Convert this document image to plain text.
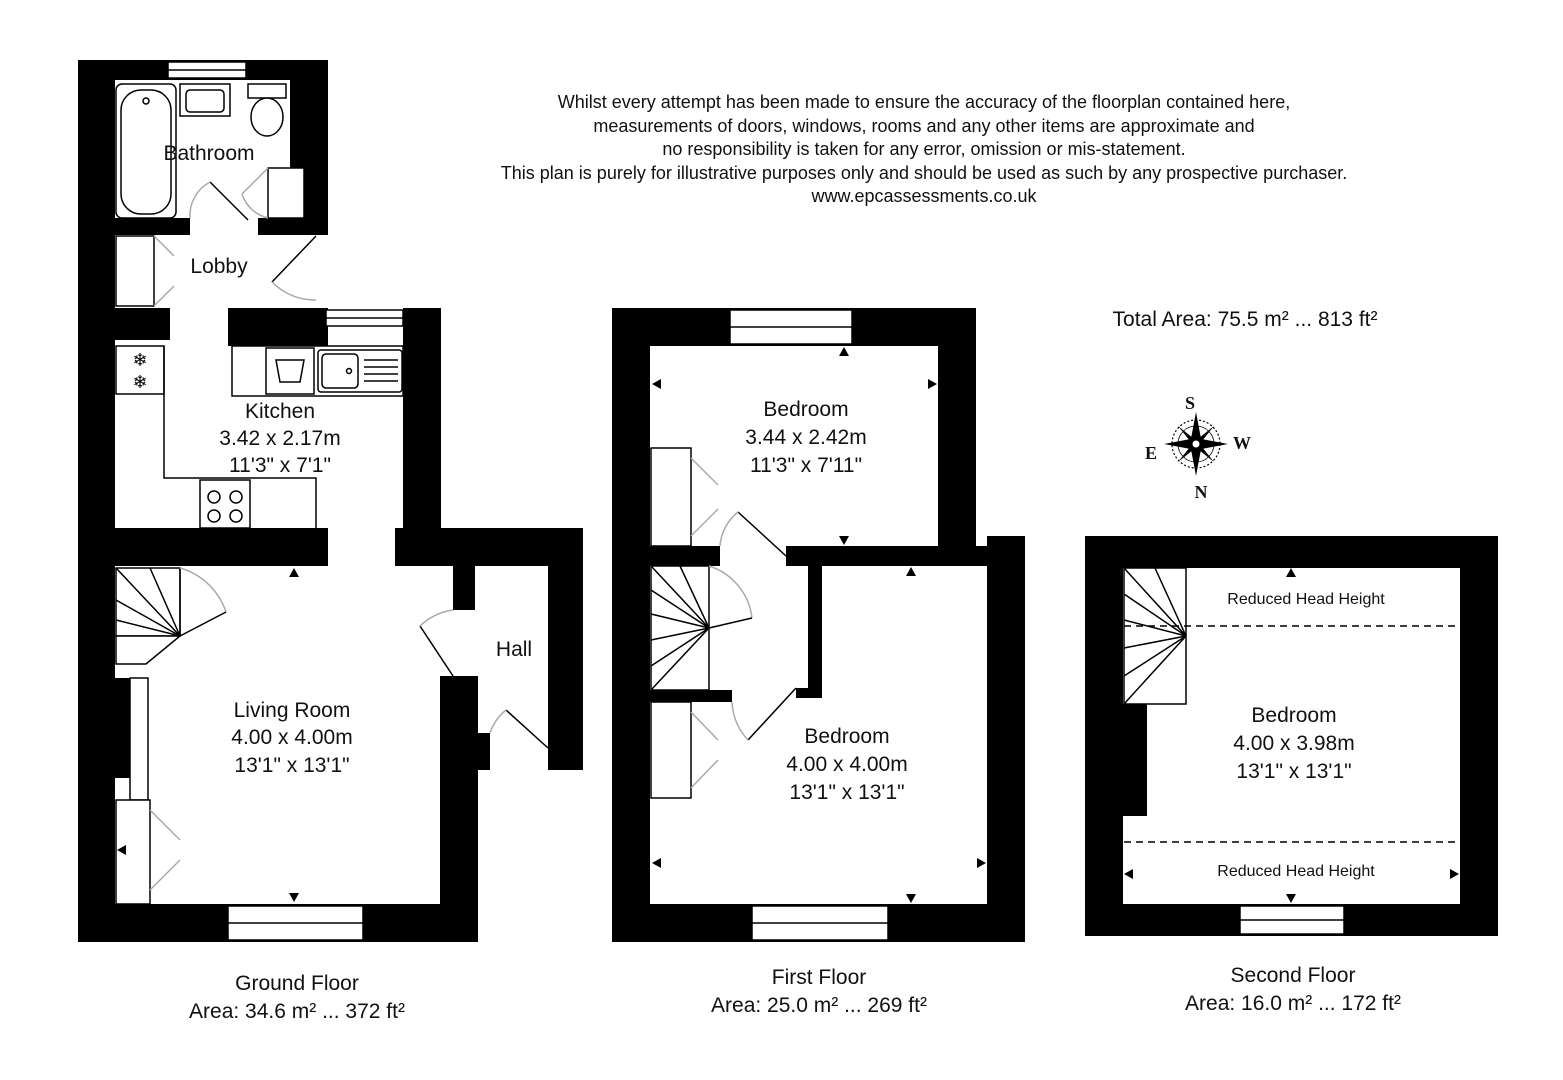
❄
❄
Bathroom
Lobby
Kitchen
3.42 x 2.17m
11'3" x 7'1"
Hall
Living Room
4.00 x 4.00m
13'1" x 13'1"
Bedroom
3.44 x 2.42m
11'3" x 7'11"
Bedroom
4.00 x 4.00m
13'1" x 13'1"
Reduced Head Height
Reduced Head Height
Bedroom
4.00 x 3.98m
13'1" x 13'1"
S
E	W
N
Whilst every attempt has been made to ensure the accuracy of the floorplan contained here,
measurements of doors, windows, rooms and any other items are approximate and
no responsibility is taken for any error, omission or mis-statement.
This plan is purely for illustrative purposes only and should be used as such by any prospective purchaser.
www.epcassessments.co.uk
Total Area: 75.5 m² ... 813 ft²
Ground Floor
Area: 34.6 m² ... 372 ft²
First Floor
Area: 25.0 m² ... 269 ft²
Second Floor
Area: 16.0 m² ... 172 ft²
